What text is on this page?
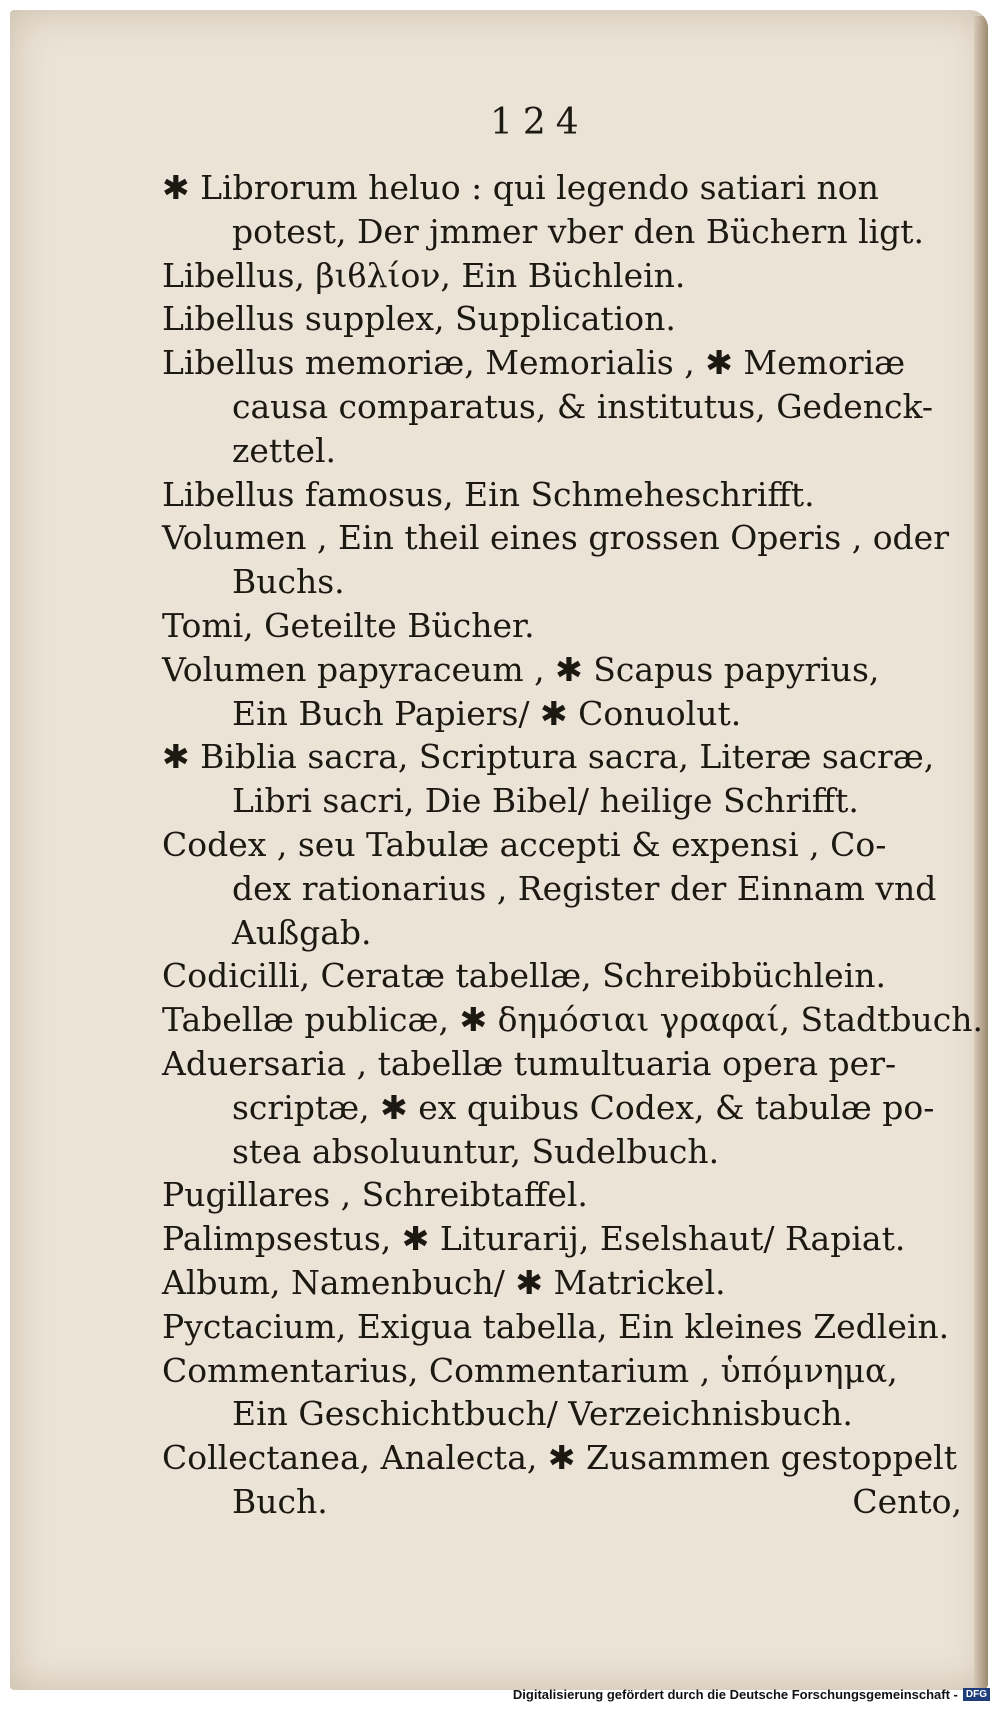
124
✱ Librorum heluo : qui legendo satiari non
potest, Der jmmer vber den Büchern ligt.
Libellus, βιϐλίον, Ein Büchlein.
Libellus supplex, Supplication.
Libellus memoriæ, Memorialis , ✱ Memoriæ
causa comparatus, & institutus, Gedenck-
zettel.
Libellus famosus, Ein Schmeheschrifft.
Volumen , Ein theil eines grossen Operis , oder
Buchs.
Tomi, Geteilte Bücher.
Volumen papyraceum , ✱ Scapus papyrius,
Ein Buch Papiers/ ✱ Conuolut.
✱ Biblia sacra, Scriptura sacra, Literæ sacræ,
Libri sacri, Die Bibel/ heilige Schrifft.
Codex , seu Tabulæ accepti & expensi , Co-
dex rationarius , Register der Einnam vnd
Außgab.
Codicilli, Ceratæ tabellæ, Schreibbüchlein.
Tabellæ publicæ, ✱ δημόσιαι γραφαί, Stadtbuch.
Aduersaria , tabellæ tumultuaria opera per-
scriptæ, ✱ ex quibus Codex, & tabulæ po-
stea absoluuntur, Sudelbuch.
Pugillares , Schreibtaffel.
Palimpsestus, ✱ Liturarij, Eselshaut/ Rapiat.
Album, Namenbuch/ ✱ Matrickel.
Pyctacium, Exigua tabella, Ein kleines Zedlein.
Commentarius, Commentarium , ὑπόμνημα,
Ein Geschichtbuch/ Verzeichnisbuch.
Collectanea, Analecta, ✱ Zusammen gestoppelt
Buch.	Cento,
Digitalisierung gefördert durch die Deutsche Forschungsgemeinschaft - DFG
